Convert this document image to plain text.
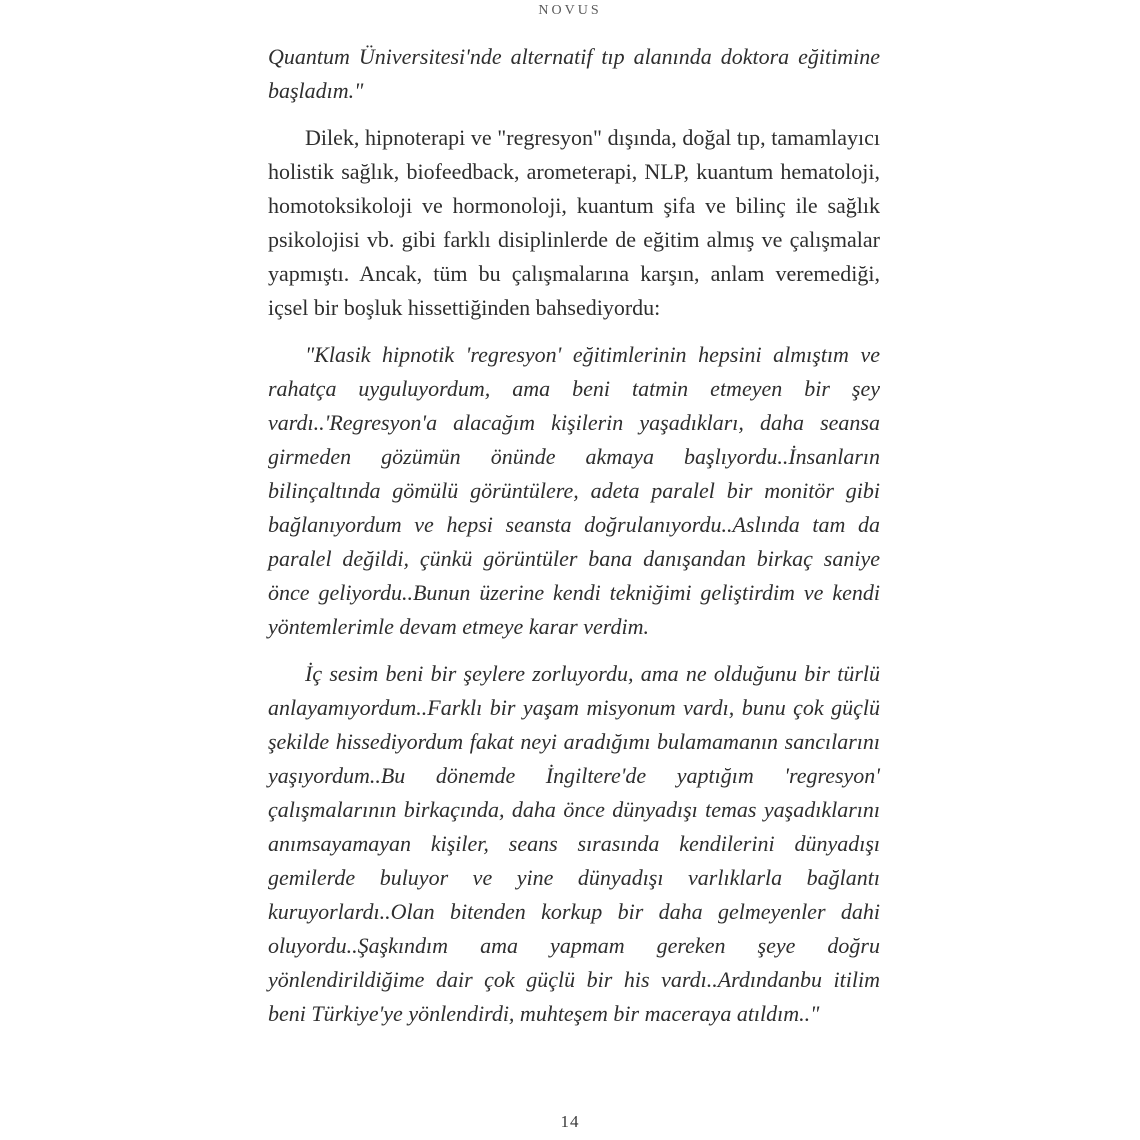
NOVUS

Quantum Üniversitesi'nde alternatif tıp alanında doktora eğitimine başladım."

Dilek, hipnoterapi ve "regresyon" dışında, doğal tıp, tamamlayıcı holistik sağlık, biofeedback, arometerapi, NLP, kuantum hematoloji, homotoksikoloji ve hormonoloji, kuantum şifa ve bilinç ile sağlık psikolojisi vb. gibi farklı disiplinlerde de eğitim almış ve çalışmalar yapmıştı. Ancak, tüm bu çalışmalarına karşın, anlam veremediği, içsel bir boşluk hissettiğinden bahsediyordu:

"Klasik hipnotik 'regresyon' eğitimlerinin hepsini almıştım ve rahatça uyguluyordum, ama beni tatmin etmeyen bir şey vardı..'Regresyon'a alacağım kişilerin yaşadıkları, daha seansa girmeden gözümün önünde akmaya başlıyordu..İnsanların bilinçaltında gömülü görüntülere, adeta paralel bir monitör gibi bağlanıyordum ve hepsi seansta doğrulanıyordu..Aslında tam da paralel değildi, çünkü görüntüler bana danışandan birkaç saniye önce geliyordu..Bunun üzerine kendi tekniğimi geliştirdim ve kendi yöntemlerimle devam etmeye karar verdim.

İç sesim beni bir şeylere zorluyordu, ama ne olduğunu bir türlü anlayamıyordum..Farklı bir yaşam misyonum vardı, bunu çok güçlü şekilde hissediyordum fakat neyi aradığımı bulamamanın sancılarını yaşıyordum..Bu dönemde İngiltere'de yaptığım 'regresyon' çalışmalarının birkaçında, daha önce dünyadışı temas yaşadıklarını anımsayamayan kişiler, seans sırasında kendilerini dünyadışı gemilerde buluyor ve yine dünyadışı varlıklarla bağlantı kuruyorlardı..Olan bitenden korkup bir daha gelmeyenler dahi oluyordu..Şaşkındım ama yapmam gereken şeye doğru yönlendirildiğime dair çok güçlü bir his vardı..Ardındanbu itilim beni Türkiye'ye yönlendirdi, muhteşem bir maceraya atıldım.."

14
